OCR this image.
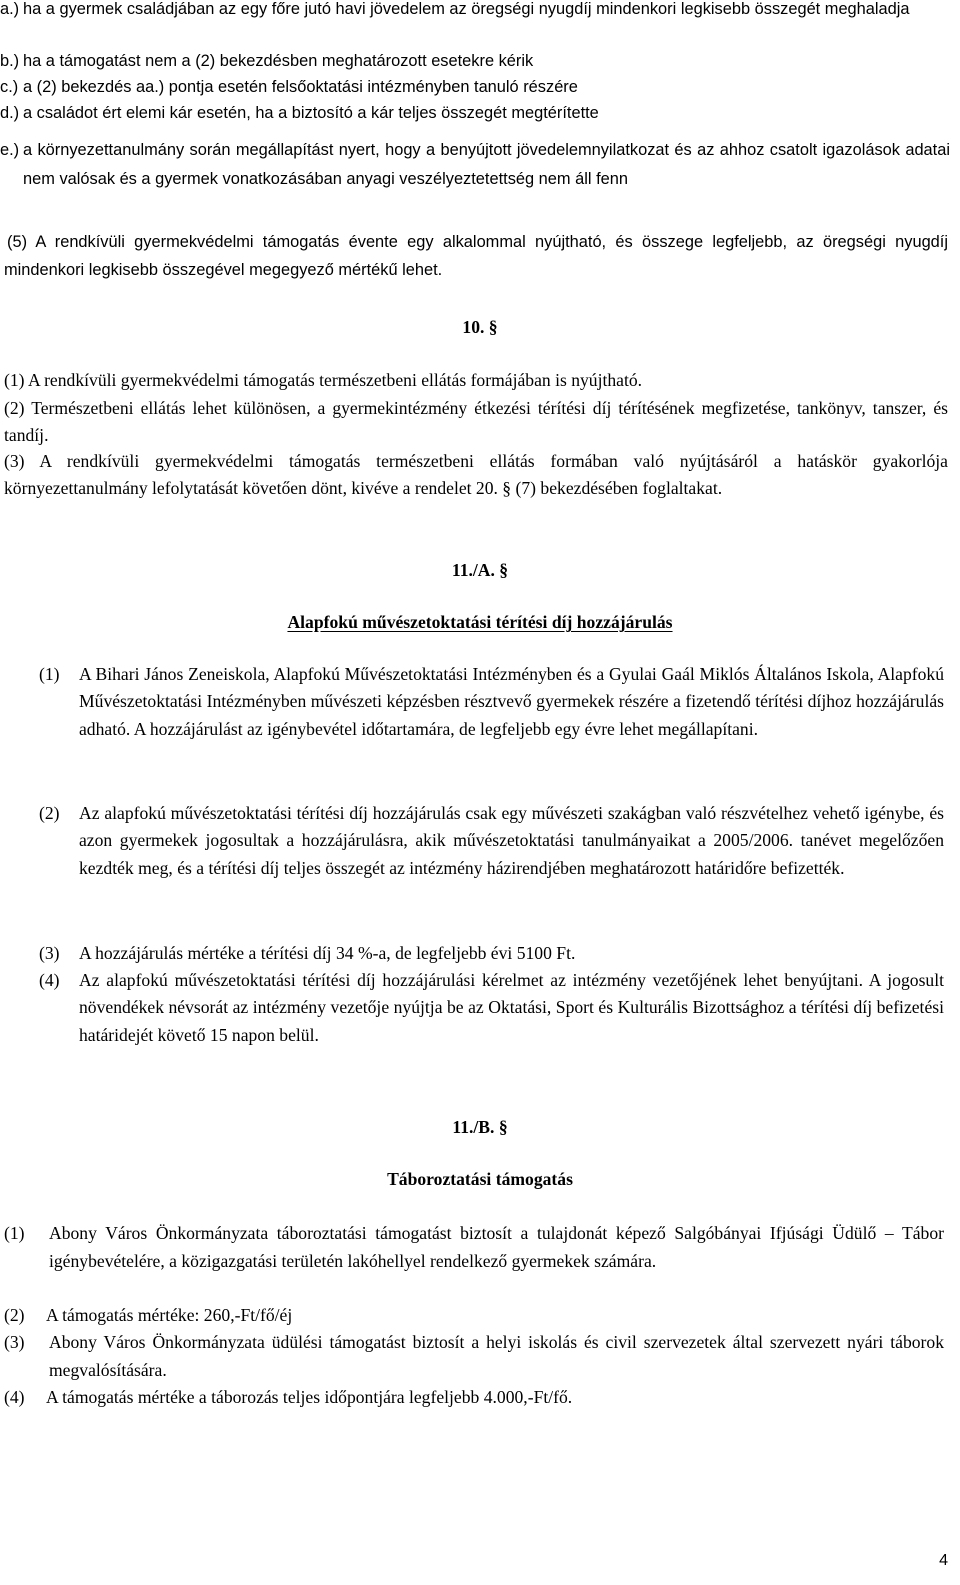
a.) ha a gyermek családjában az egy főre jutó havi jövedelem az öregségi nyugdíj mindenkori legkisebb összegét meghaladja
b.) ha a támogatást nem a (2) bekezdésben meghatározott esetekre kérik
c.) a (2) bekezdés aa.) pontja esetén felsőoktatási intézményben tanuló részére
d.) a családot ért elemi kár esetén, ha a biztosító a kár teljes összegét megtérítette
e.) a környezettanulmány során megállapítást nyert, hogy a benyújtott jövedelemnyilatkozat és az ahhoz csatolt igazolások adatai nem valósak és a gyermek vonatkozásában anyagi veszélyeztetettség nem áll fenn

(5) A rendkívüli gyermekvédelmi támogatás évente egy alkalommal nyújtható, és összege legfeljebb, az öregségi nyugdíj mindenkori legkisebb összegével megegyező mértékű lehet.

10. §

(1) A rendkívüli gyermekvédelmi támogatás természetbeni ellátás formájában is nyújtható.

(2) Természetbeni ellátás lehet különösen, a gyermekintézmény étkezési térítési díj térítésének megfizetése, tankönyv, tanszer, és tandíj.

(3) A rendkívüli gyermekvédelmi támogatás természetbeni ellátás formában való nyújtásáról a hatáskör gyakorlója környezettanulmány lefolytatását követően dönt, kivéve a rendelet 20. § (7) bekezdésében foglaltakat.

11./A. §

Alapfokú művészetoktatási térítési díj hozzájárulás

(1) A Bihari János Zeneiskola, Alapfokú Művészetoktatási Intézményben és a Gyulai Gaál Miklós Általános Iskola, Alapfokú Művészetoktatási Intézményben művészeti képzésben résztvevő gyermekek részére a fizetendő térítési díjhoz hozzájárulás adható. A hozzájárulást az igénybevétel időtartamára, de legfeljebb egy évre lehet megállapítani.
(2) Az alapfokú művészetoktatási térítési díj hozzájárulás csak egy művészeti szakágban való részvételhez vehető igénybe, és azon gyermekek jogosultak a hozzájárulásra, akik művészetoktatási tanulmányaikat a 2005/2006. tanévet megelőzően kezdték meg, és a térítési díj teljes összegét az intézmény házirendjében meghatározott határidőre befizették.
(3) A hozzájárulás mértéke a térítési díj 34 %-a, de legfeljebb évi 5100 Ft.
(4) Az alapfokú művészetoktatási térítési díj hozzájárulási kérelmet az intézmény vezetőjének lehet benyújtani. A jogosult növendékek névsorát az intézmény vezetője nyújtja be az Oktatási, Sport és Kulturális Bizottsághoz a térítési díj befizetési határidejét követő 15 napon belül.

11./B. §

Táboroztatási támogatás

(1) Abony Város Önkormányzata táboroztatási támogatást biztosít a tulajdonát képező Salgóbányai Ifjúsági Üdülő – Tábor igénybevételére, a közigazgatási területén lakóhellyel rendelkező gyermekek számára.
(2) A támogatás mértéke: 260,-Ft/fő/éj
(3) Abony Város Önkormányzata üdülési támogatást biztosít a helyi iskolás és civil szervezetek által szervezett nyári táborok megvalósítására.
(4) A támogatás mértéke a táborozás teljes időpontjára legfeljebb 4.000,-Ft/fő.
4
